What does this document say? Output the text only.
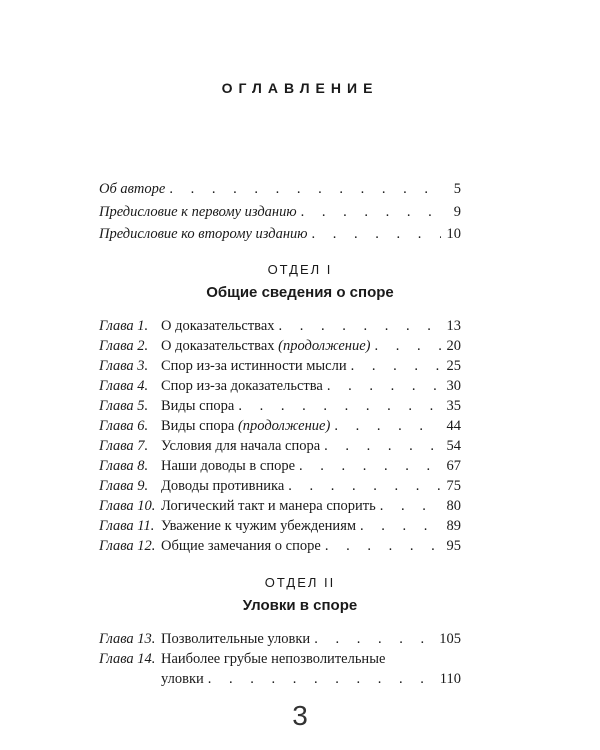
ОГЛАВЛЕНИЕ
Об авторе . . .	5
Предисловие к первому изданию . . .	9
Предисловие ко второму изданию . . .	10
ОТДЕЛ I
Общие сведения о споре
Глава 1. О доказательствах . . .	13
Глава 2. О доказательствах (продолжение) . . .	20
Глава 3. Спор из-за истинности мысли . . .	25
Глава 4. Спор из-за доказательства . . .	30
Глава 5. Виды спора . . .	35
Глава 6. Виды спора (продолжение) . . .	44
Глава 7. Условия для начала спора . . .	54
Глава 8. Наши доводы в споре . . .	67
Глава 9. Доводы противника . . .	75
Глава 10. Логический такт и манера спорить . . .	80
Глава 11. Уважение к чужим убеждениям . . .	89
Глава 12. Общие замечания о споре . . .	95
ОТДЕЛ II
Уловки в споре
Глава 13. Позволительные уловки . . .	105
Глава 14. Наиболее грубые непозволительные
уловки . . .	110
3
